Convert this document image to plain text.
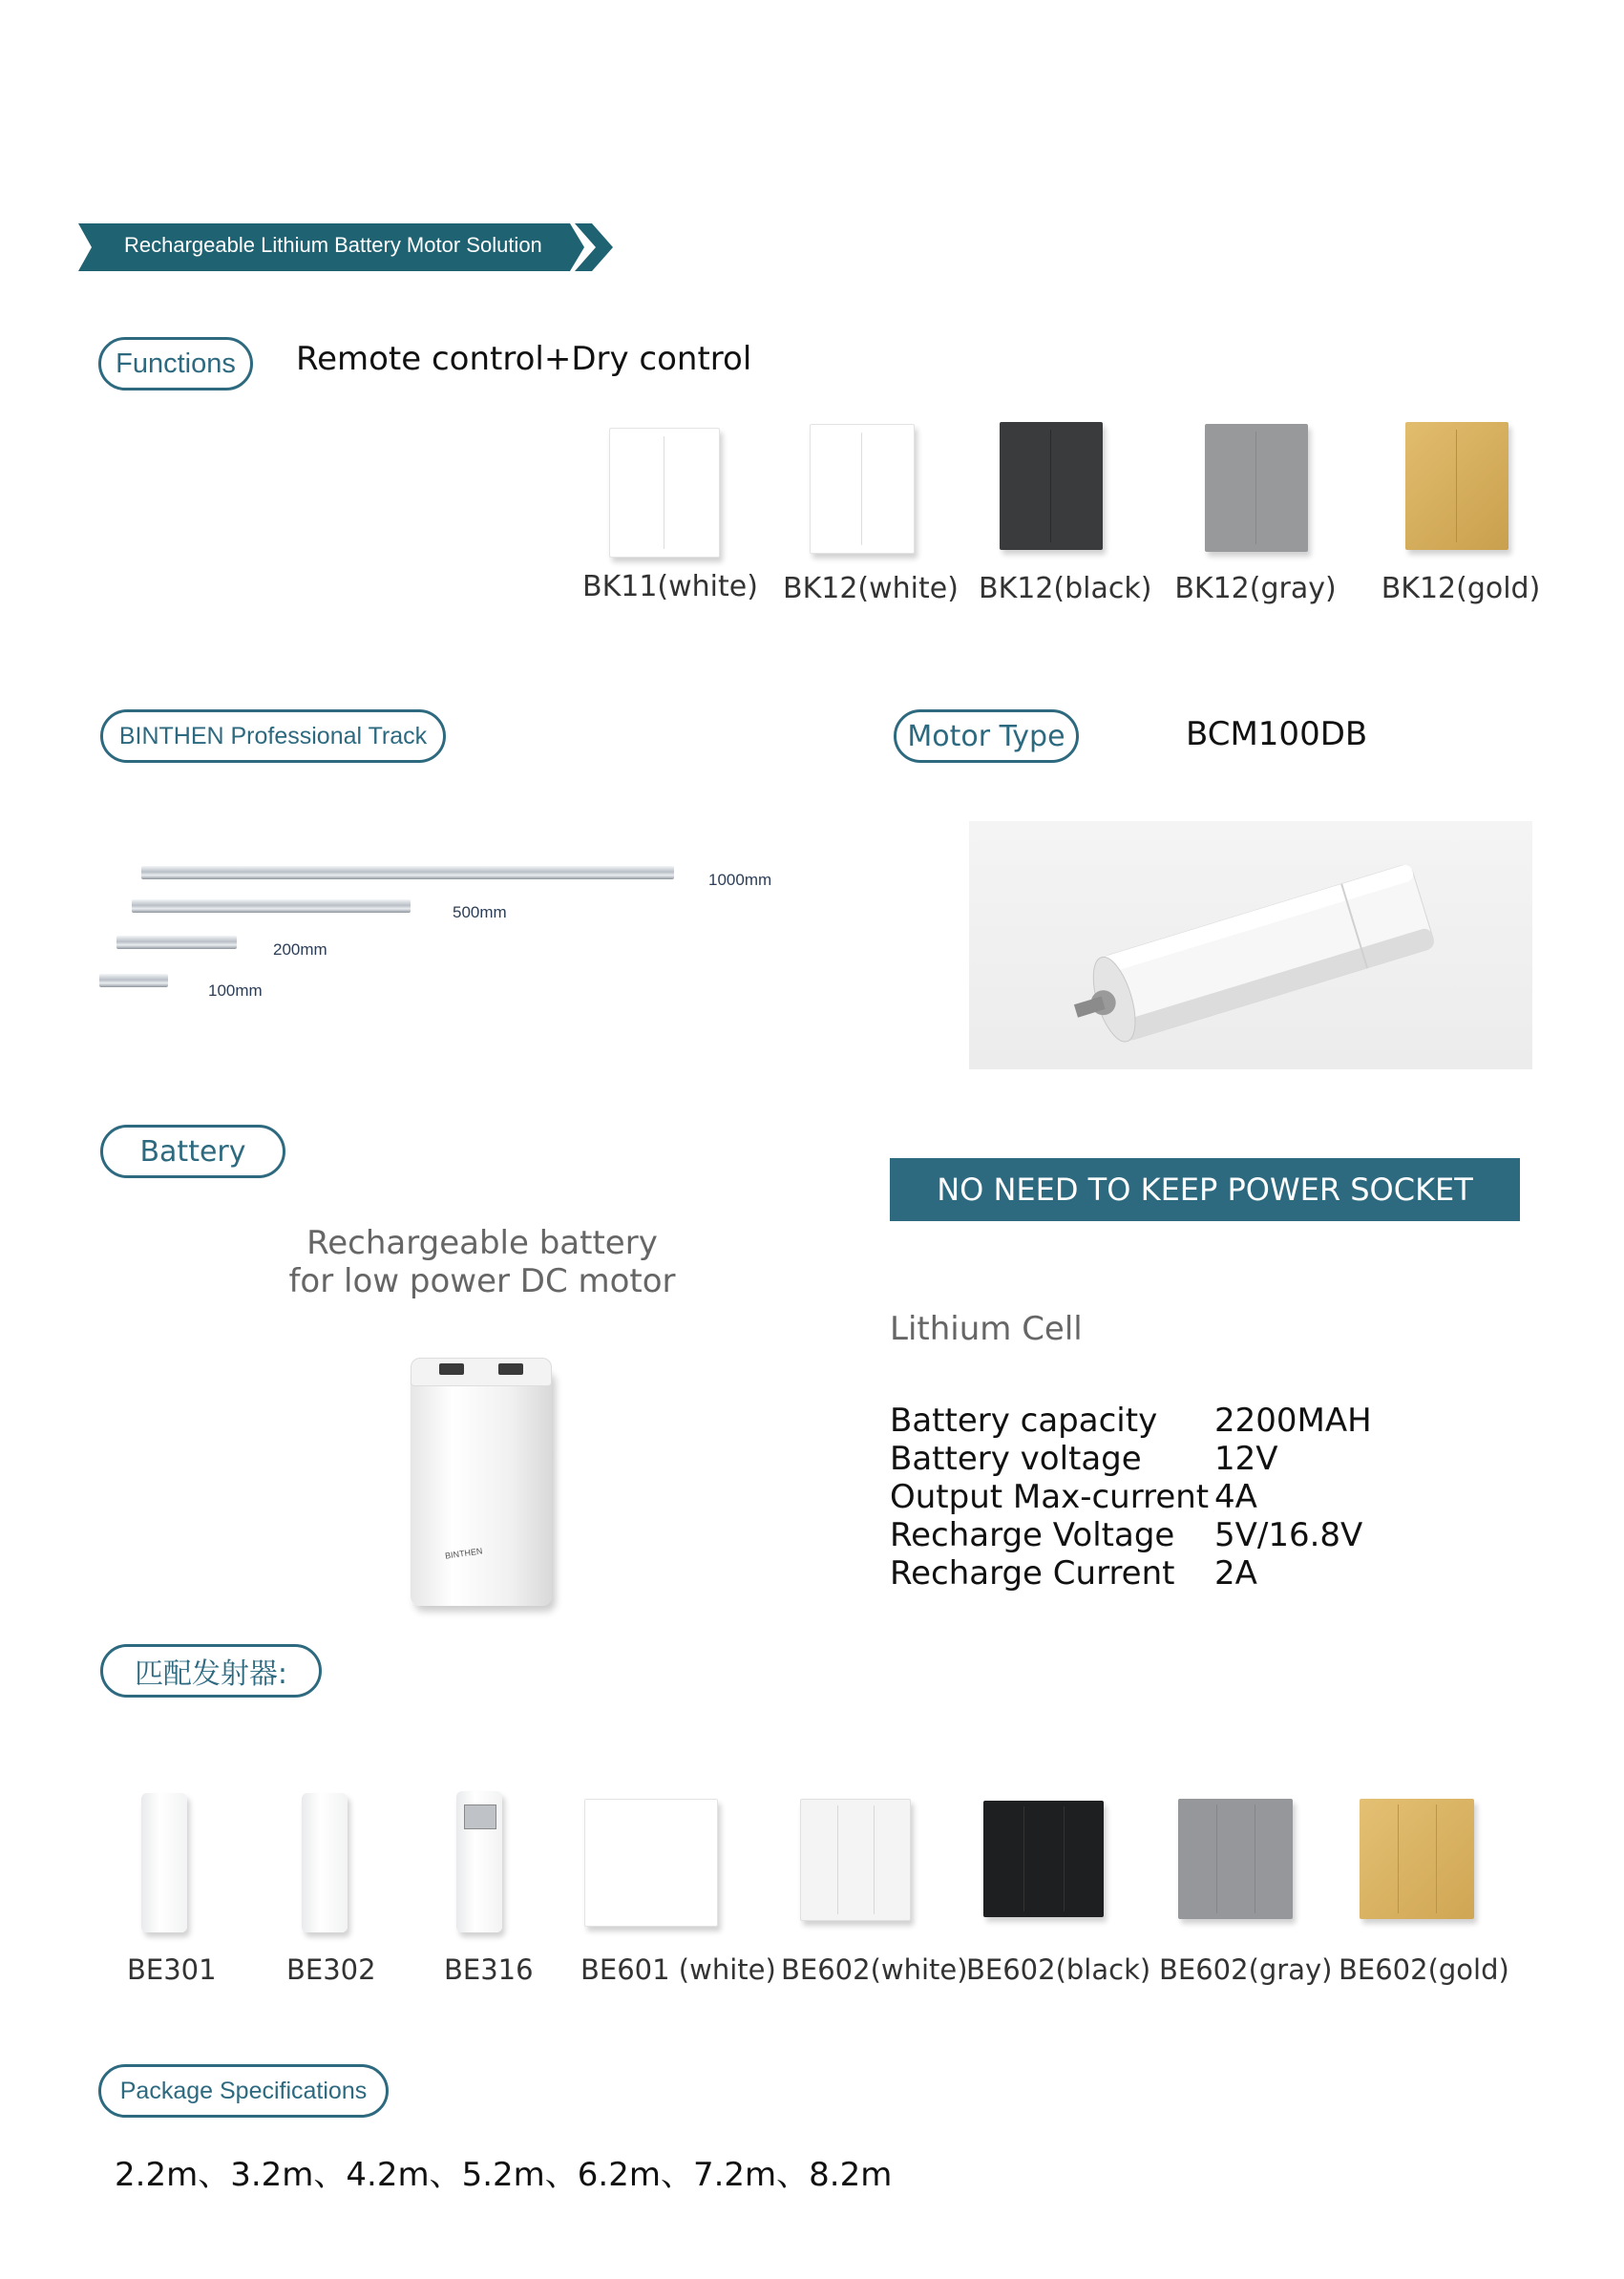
Rechargeable Lithium Battery Motor Solution
Functions	Remote control+Dry control
BK11(white) BK12(white) BK12(black) BK12(gray) BK12(gold)
BINTHEN Professional Track
1000mm
500mm
200mm
100mm
Motor Type	BCM100DB
Battery
Rechargeable battery
for low power DC motor
BINTHEN
NO NEED TO KEEP POWER SOCKET
Lithium Cell
Battery capacity	2200MAH
Battery voltage	12V
Output Max-current 4A
Recharge Voltage	5V/16.8V
Recharge Current	2A
匹配发射器:
BE301	BE302 BE316 BE601 (white) BE602(white)
BE602(black) BE602(gray) BE602(gold)
Package Specifications
2.2m、3.2m、4.2m、5.2m、6.2m、7.2m、8.2m
